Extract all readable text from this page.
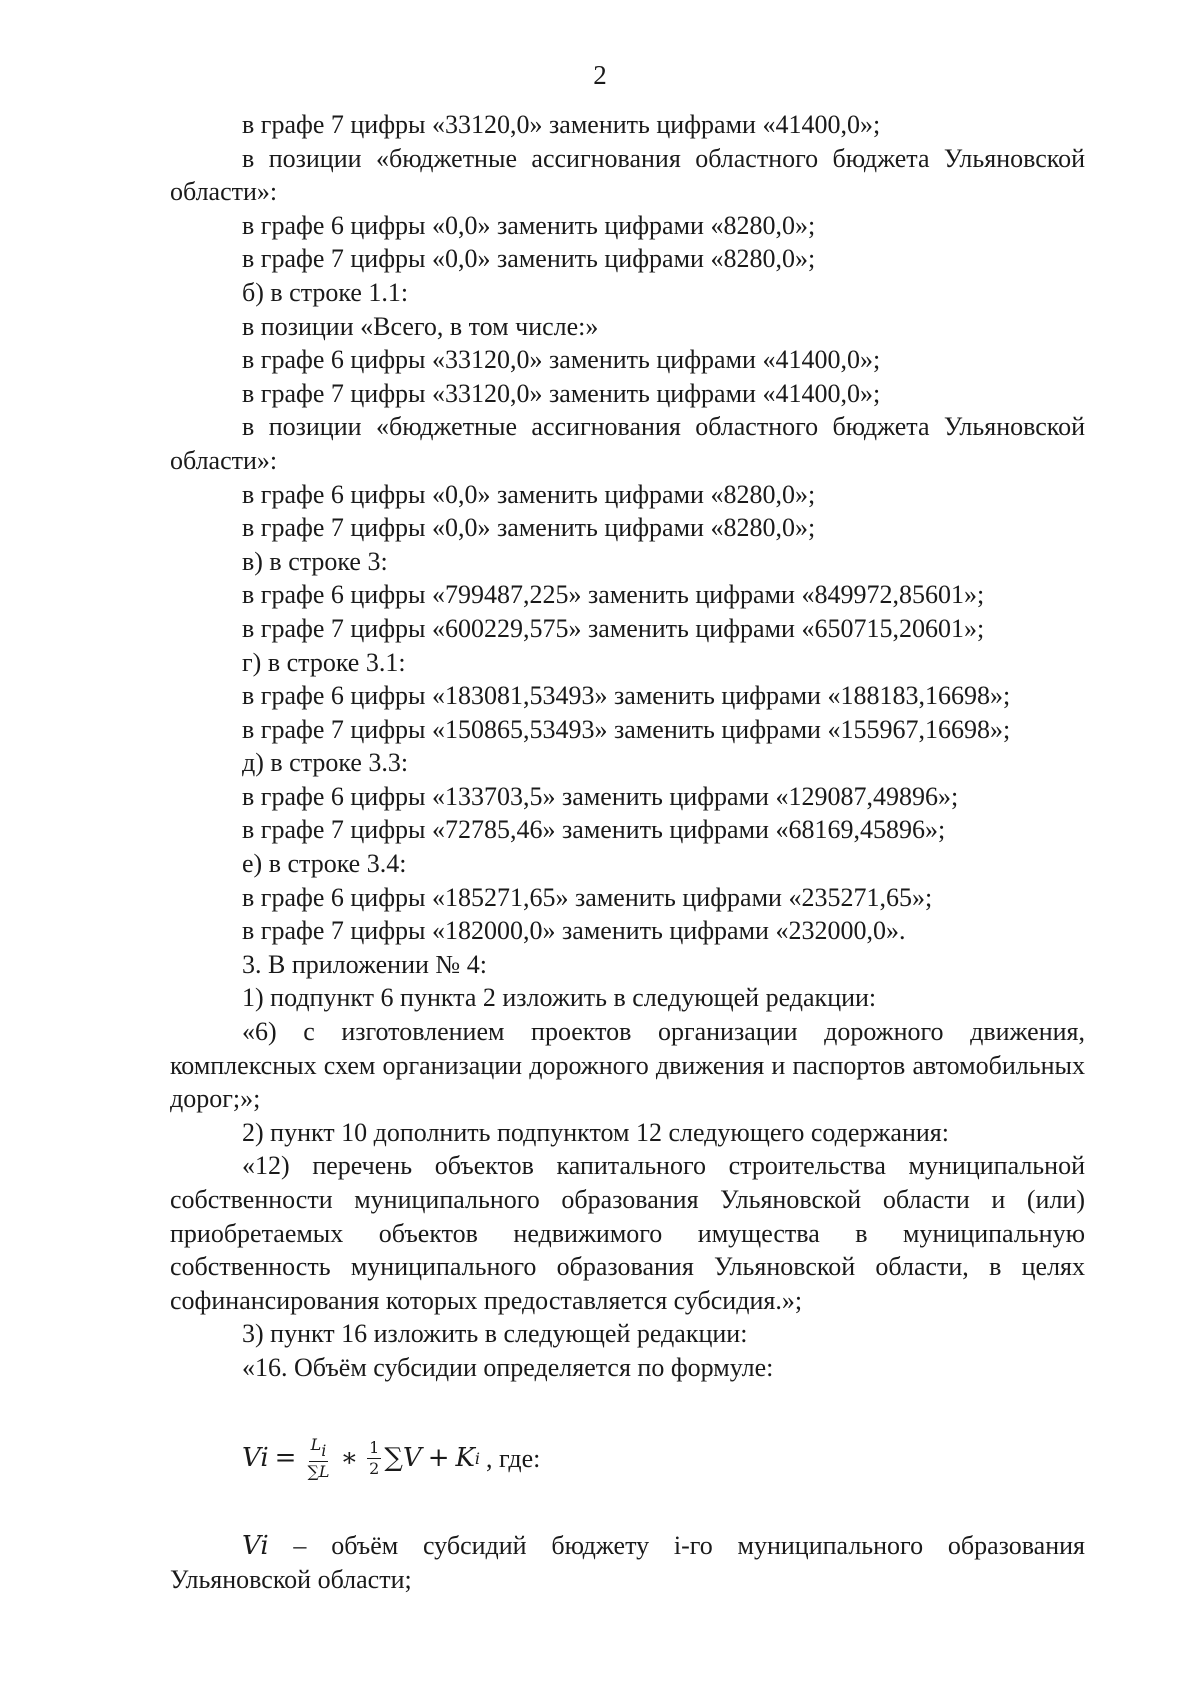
2

в графе 7 цифры «33120,0» заменить цифрами «41400,0»;

в позиции «бюджетные ассигнования областного бюджета Ульяновской области»:

в графе 6 цифры «0,0» заменить цифрами «8280,0»;

в графе 7 цифры «0,0» заменить цифрами «8280,0»;

б) в строке 1.1:

в позиции «Всего, в том числе:»

в графе 6 цифры «33120,0» заменить цифрами «41400,0»;

в графе 7 цифры «33120,0» заменить цифрами «41400,0»;

в позиции «бюджетные ассигнования областного бюджета Ульяновской области»:

в графе 6 цифры «0,0» заменить цифрами «8280,0»;

в графе 7 цифры «0,0» заменить цифрами «8280,0»;

в) в строке 3:

в графе 6 цифры «799487,225» заменить цифрами «849972,85601»;

в графе 7 цифры «600229,575» заменить цифрами «650715,20601»;

г) в строке 3.1:

в графе 6 цифры «183081,53493» заменить цифрами «188183,16698»;

в графе 7 цифры «150865,53493» заменить цифрами «155967,16698»;

д) в строке 3.3:

в графе 6 цифры «133703,5» заменить цифрами «129087,49896»;

в графе 7 цифры «72785,46» заменить цифрами «68169,45896»;

е) в строке 3.4:

в графе 6 цифры «185271,65» заменить цифрами «235271,65»;

в графе 7 цифры «182000,0» заменить цифрами «232000,0».

3. В приложении № 4:

1) подпункт 6 пункта 2 изложить в следующей редакции:

«6) с изготовлением проектов организации дорожного движения, комплексных схем организации дорожного движения и паспортов автомобильных дорог;»;

2) пункт 10 дополнить подпунктом 12 следующего содержания:

«12) перечень объектов капитального строительства муниципальной собственности муниципального образования Ульяновской области и (или) приобретаемых объектов недвижимого имущества в муниципальную собственность муниципального образования Ульяновской области, в целях софинансирования которых предоставляется субсидия.»;

3) пункт 16 изложить в следующей редакции:

«16. Объём субсидии определяется по формуле:

$Vi = \frac{Li}{\sum L}$ ∗ $\frac{1}{2} \sum V + K$ i , где:

Vi – объём субсидий бюджету i-го муниципального образования Ульяновской области;
